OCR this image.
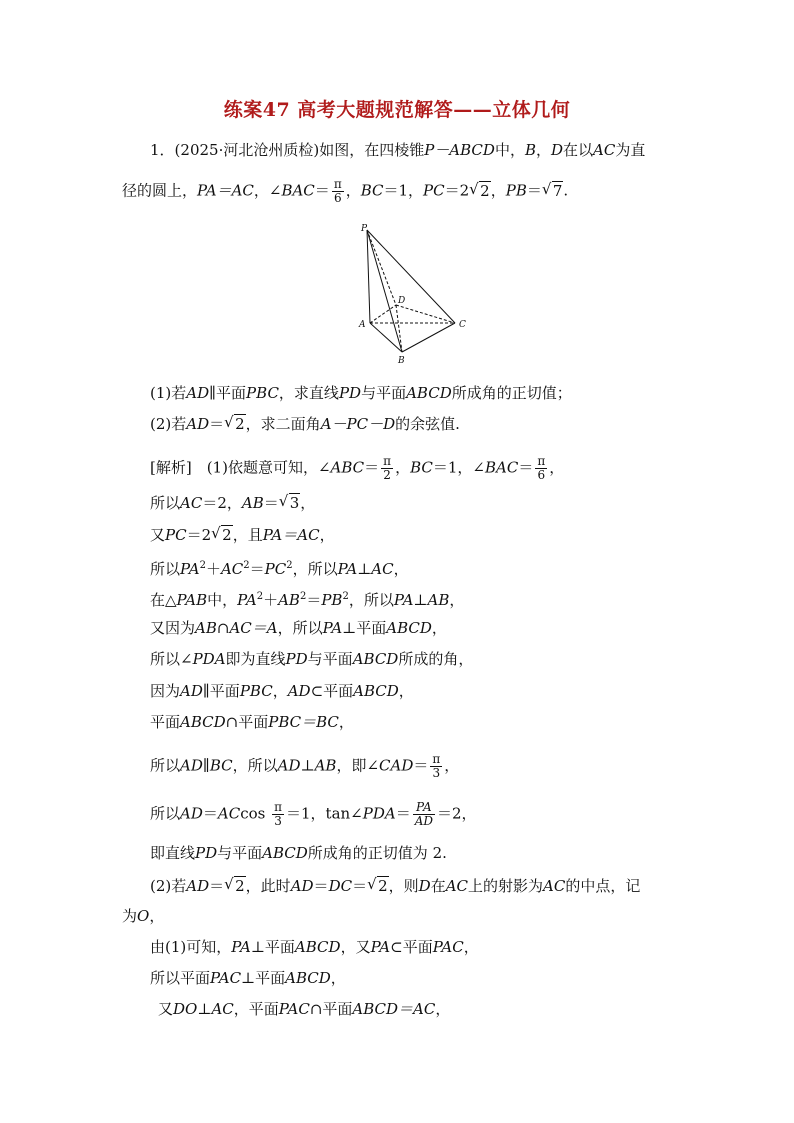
练案47 高考大题规范解答——立体几何
1．(2025·河北沧州质检)如图，在四棱锥P－ABCD中，B，D在以AC为直
径的圆上，PA＝AC，∠BAC＝ $\frac{\pi}{6}$ ，BC＝1，PC＝2 √ 2，PB＝ √ 7.
P
D
A	C
B
(1)若AD∥平面PBC，求直线PD与平面ABCD所成角的正切值；
(2)若AD＝ √ 2，求二面角A－PC－D的余弦值.
[解析]　(1)依题意可知，∠ABC＝ $\frac{\pi}{2}$ ，BC＝1，∠BAC＝ $\frac{\pi}{6}$ ，
所以AC＝2，AB＝ √ 3，
又PC＝2 √ 2，且PA＝AC，
所以$PA^2+AC^2=PC^2$，所以PA⊥AC，
在△PAB中，$PA^2+AB^2=PB^2$，所以PA⊥AB，
又因为AB∩AC＝A，所以PA⊥平面ABCD，
所以∠PDA即为直线PD与平面ABCD所成的角，
因为AD∥平面PBC，AD⊂平面ABCD，
平面ABCD∩平面PBC＝BC，
所以AD∥BC，所以AD⊥AB，即∠CAD＝ $\frac{\pi}{3}$ ，
所以$AD=ACcos \frac{\pi}{3} =1$，tan∠PDA＝ $\frac{PA}{AD} =2$，
即直线PD与平面ABCD所成角的正切值为 2.
(2)若AD＝ √ 2，此时AD＝DC＝ √ 2，则D在AC上的射影为AC的中点，记
为O，
由(1)可知，PA⊥平面ABCD，又PA⊂平面PAC，
所以平面PAC⊥平面ABCD，
又DO⊥AC，平面PAC∩平面ABCD＝AC，
